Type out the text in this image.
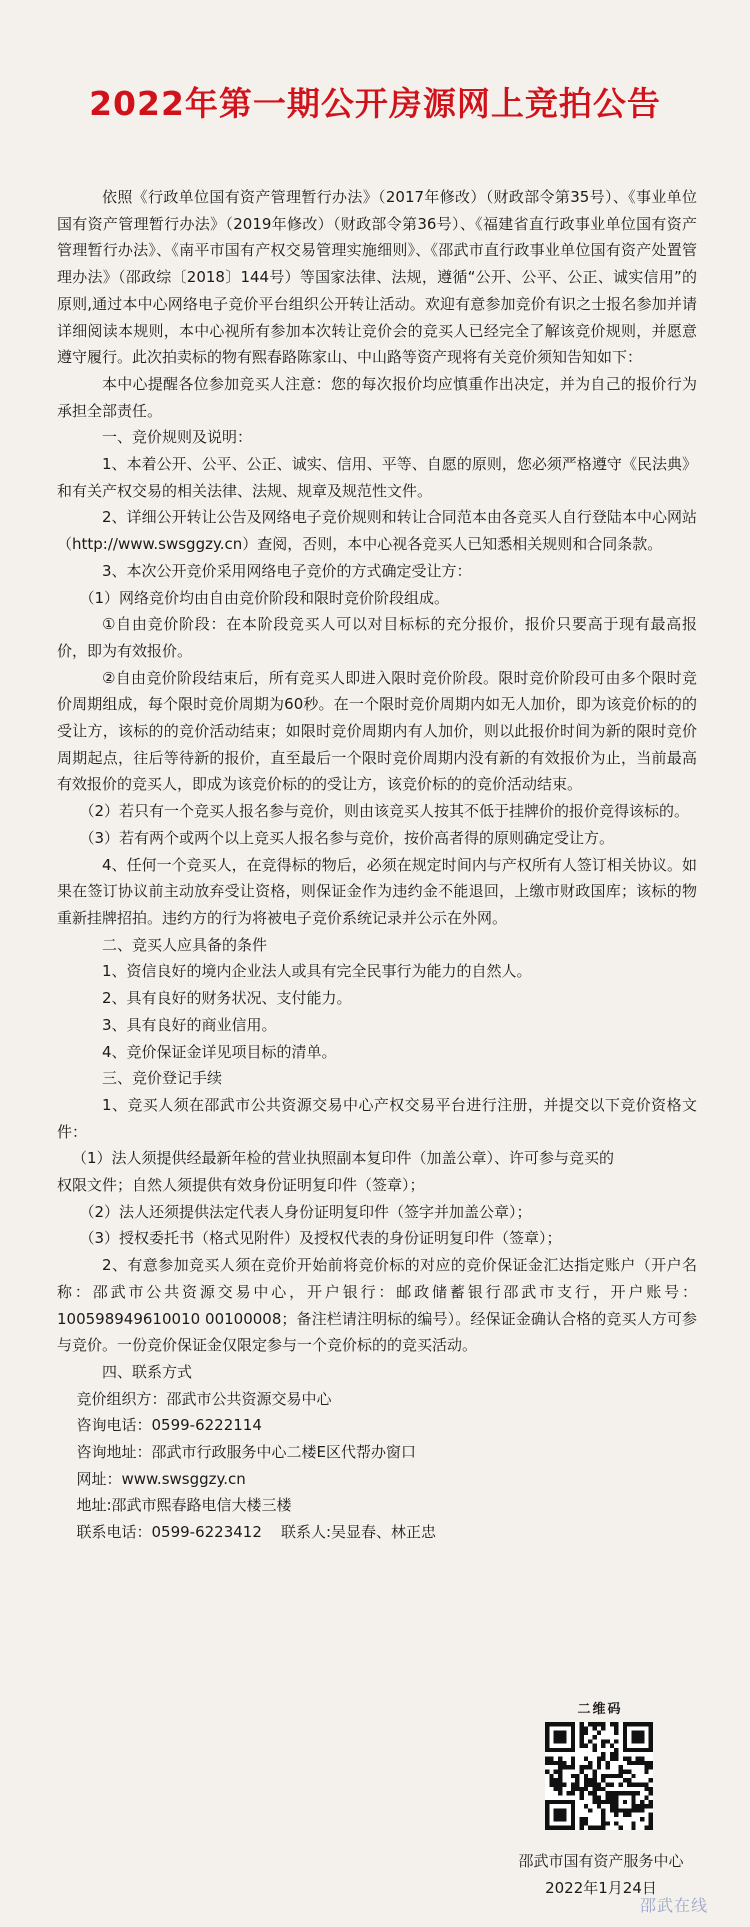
2022年第一期公开房源网上竞拍公告

依照《行政单位国有资产管理暂行办法》（2017年修改）（财政部令第35号）、《事业单位国有资产管理暂行办法》（2019年修改）（财政部令第36号）、《福建省直行政事业单位国有资产管理暂行办法》、《南平市国有产权交易管理实施细则》、《邵武市直行政事业单位国有资产处置管理办法》（邵政综〔2018〕144号）等国家法律、法规，遵循“公开、公平、公正、诚实信用”的原则,通过本中心网络电子竞价平台组织公开转让活动。欢迎有意参加竞价有识之士报名参加并请详细阅读本规则，本中心视所有参加本次转让竞价会的竞买人已经完全了解该竞价规则，并愿意遵守履行。此次拍卖标的物有熙春路陈家山、中山路等资产现将有关竞价须知告知如下：

本中心提醒各位参加竞买人注意：您的每次报价均应慎重作出决定，并为自己的报价行为承担全部责任。

一、竞价规则及说明：

1、本着公开、公平、公正、诚实、信用、平等、自愿的原则，您必须严格遵守《民法典》和有关产权交易的相关法律、法规、规章及规范性文件。

2、详细公开转让公告及网络电子竞价规则和转让合同范本由各竞买人自行登陆本中心网站（http://www.swsggzy.cn）查阅，否则，本中心视各竞买人已知悉相关规则和合同条款。

3、本次公开竞价采用网络电子竞价的方式确定受让方：

（1）网络竞价均由自由竞价阶段和限时竞价阶段组成。

①自由竞价阶段：在本阶段竞买人可以对目标标的充分报价，报价只要高于现有最高报价，即为有效报价。

②自由竞价阶段结束后，所有竞买人即进入限时竞价阶段。限时竞价阶段可由多个限时竞价周期组成，每个限时竞价周期为60秒。在一个限时竞价周期内如无人加价，即为该竞价标的的受让方，该标的的竞价活动结束；如限时竞价周期内有人加价，则以此报价时间为新的限时竞价周期起点，往后等待新的报价，直至最后一个限时竞价周期内没有新的有效报价为止，当前最高有效报价的竞买人，即成为该竞价标的的受让方，该竞价标的的竞价活动结束。

（2）若只有一个竞买人报名参与竞价，则由该竞买人按其不低于挂牌价的报价竞得该标的。

（3）若有两个或两个以上竞买人报名参与竞价，按价高者得的原则确定受让方。

4、任何一个竞买人，在竞得标的物后，必须在规定时间内与产权所有人签订相关协议。如果在签订协议前主动放弃受让资格，则保证金作为违约金不能退回，上缴市财政国库；该标的物重新挂牌招拍。违约方的行为将被电子竞价系统记录并公示在外网。

二、竞买人应具备的条件

1、资信良好的境内企业法人或具有完全民事行为能力的自然人。

2、具有良好的财务状况、支付能力。

3、具有良好的商业信用。

4、竞价保证金详见项目标的清单。

三、竞价登记手续

1、竞买人须在邵武市公共资源交易中心产权交易平台进行注册，并提交以下竞价资格文件：

（1）法人须提供经最新年检的营业执照副本复印件（加盖公章）、许可参与竞买的

权限文件；自然人须提供有效身份证明复印件（签章）；

（2）法人还须提供法定代表人身份证明复印件（签字并加盖公章）；

（3）授权委托书（格式见附件）及授权代表的身份证明复印件（签章）；

2、有意参加竞买人须在竞价开始前将竞价标的对应的竞价保证金汇达指定账户（开户名称：邵武市公共资源交易中心，开户银行：邮政储蓄银行邵武市支行，开户账号：100598949610010 00100008；备注栏请注明标的编号）。经保证金确认合格的竞买人方可参与竞价。一份竞价保证金仅限定参与一个竞价标的的竞买活动。

四、联系方式

竞价组织方：邵武市公共资源交易中心

咨询电话：0599-6222114

咨询地址：邵武市行政服务中心二楼E区代帮办窗口

网址：www.swsggzy.cn

地址:邵武市熙春路电信大楼三楼

联系电话：0599-6223412    联系人:吴显春、林正忠

二维码
邵武市国有资产服务中心
2022年1月24日
邵武在线
